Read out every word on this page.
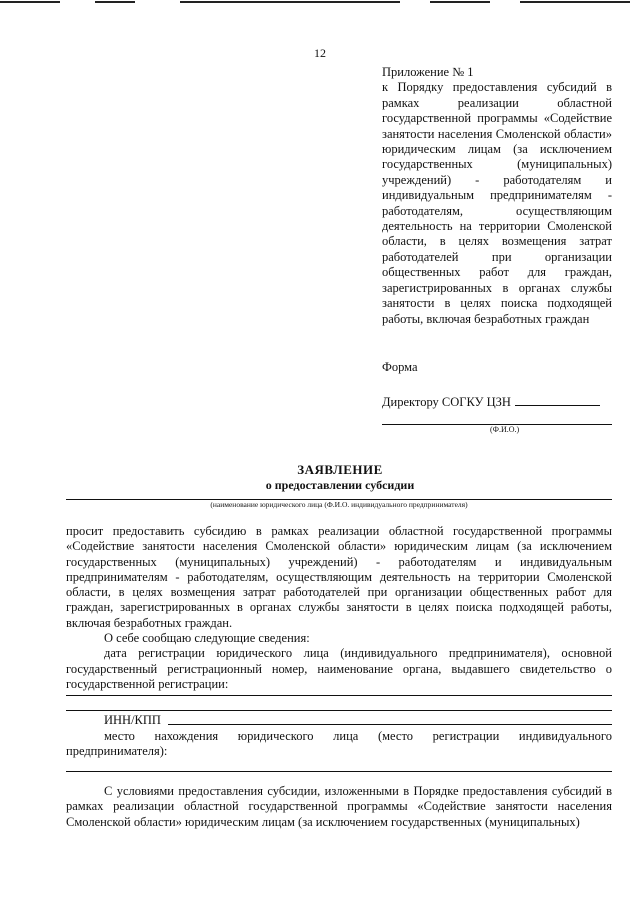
12

Приложение № 1

к Порядку предоставления субсидий в рамках реализации областной государственной программы «Содействие занятости населения Смоленской области» юридическим лицам (за исключением государственных (муниципальных) учреждений) - работодателям и индивидуальным предпринимателям - работодателям, осуществляющим деятельность на территории Смоленской области, в целях возмещения затрат работодателей при организации общественных работ для граждан, зарегистрированных в органах службы занятости в целях поиска подходящей работы, включая безработных граждан

Форма
Директору СОГКУ ЦЗН
(Ф.И.О.)
ЗАЯВЛЕНИЕ
о предоставлении субсидии
(наименование юридического лица (Ф.И.О. индивидуального предпринимателя)

просит предоставить субсидию в рамках реализации областной государственной программы «Содействие занятости населения Смоленской области» юридическим лицам (за исключением государственных (муниципальных) учреждений) - работодателям и индивидуальным предпринимателям - работодателям, осуществляющим деятельность на территории Смоленской области, в целях возмещения затрат работодателей при организации общественных работ для граждан, зарегистрированных в органах службы занятости в целях поиска подходящей работы, включая безработных граждан.

О себе сообщаю следующие сведения:

дата регистрации юридического лица (индивидуального предпринимателя), основной государственный регистрационный номер, наименование органа, выдавшего свидетельство о государственной регистрации:

ИНН/КПП

место нахождения юридического лица (место регистрации индивидуального предпринимателя):

С условиями предоставления субсидии, изложенными в Порядке предоставления субсидий в рамках реализации областной государственной программы «Содействие занятости населения Смоленской области» юридическим лицам (за исключением государственных (муниципальных)
